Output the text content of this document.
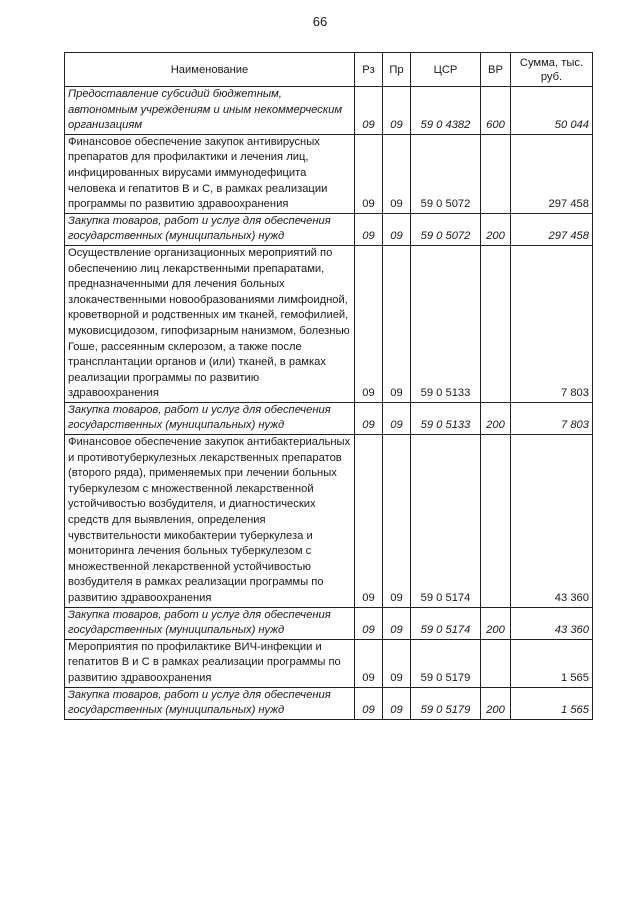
66
Наименование	Рз	Пр	ЦСР	ВР	Сумма, тыс. руб.
Предоставление субсидий бюджетным, автономным учреждениям и иным некоммерческим организациям	09	09	59 0 4382	600	50 044
Финансовое обеспечение закупок антивирусных препаратов для профилактики и лечения лиц, инфицированных вирусами иммунодефицита человека и гепатитов В и С, в рамках реализации программы по развитию здравоохранения	09	09	59 0 5072		297 458
Закупка товаров, работ и услуг для обеспечения государственных (муниципальных) нужд	09	09	59 0 5072	200	297 458
Осуществление организационных мероприятий по обеспечению лиц лекарственными препаратами, предназначенными для лечения больных злокачественными новообразованиями лимфоидной, кроветворной и родственных им тканей, гемофилией, муковисцидозом, гипофизарным нанизмом, болезнью Гоше, рассеянным склерозом, а также после трансплантации органов и (или) тканей, в рамках реализации программы по развитию здравоохранения	09	09	59 0 5133		7 803
Закупка товаров, работ и услуг для обеспечения государственных (муниципальных) нужд	09	09	59 0 5133	200	7 803
Финансовое обеспечение закупок антибактериальных и противотуберкулезных лекарственных препаратов (второго ряда), применяемых при лечении больных туберкулезом с множественной лекарственной устойчивостью возбудителя, и диагностических средств для выявления, определения чувствительности микобактерии туберкулеза и мониторинга лечения больных туберкулезом с множественной лекарственной устойчивостью возбудителя в рамках реализации программы по развитию здравоохранения	09	09	59 0 5174		43 360
Закупка товаров, работ и услуг для обеспечения государственных (муниципальных) нужд	09	09	59 0 5174	200	43 360
Мероприятия по профилактике ВИЧ-инфекции и гепатитов В и С в рамках реализации программы по развитию здравоохранения	09	09	59 0 5179		1 565
Закупка товаров, работ и услуг для обеспечения государственных (муниципальных) нужд	09	09	59 0 5179	200	1 565
